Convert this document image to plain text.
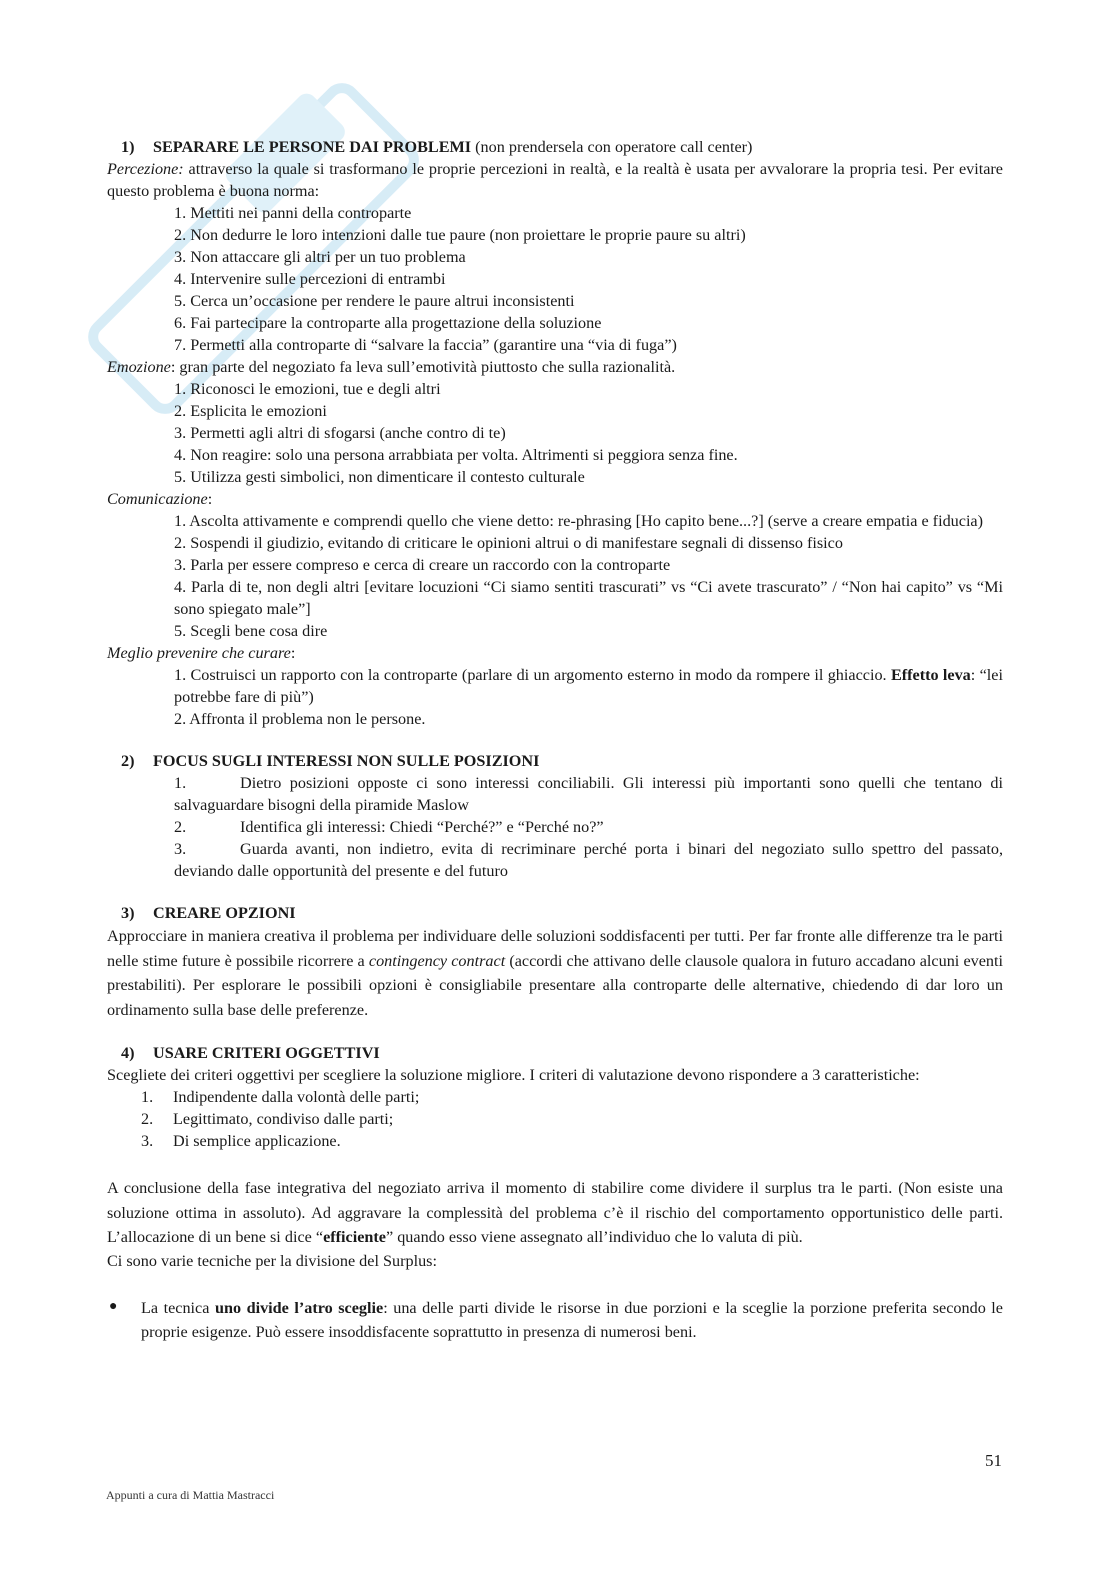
1) SEPARARE LE PERSONE DAI PROBLEMI (non prendersela con operatore call center)

Percezione: attraverso la quale si trasformano le proprie percezioni in realtà, e la realtà è usata per avvalorare la propria tesi. Per evitare questo problema è buona norma:

1. Mettiti nei panni della controparte
2. Non dedurre le loro intenzioni dalle tue paure (non proiettare le proprie paure su altri)
3. Non attaccare gli altri per un tuo problema
4. Intervenire sulle percezioni di entrambi
5. Cerca un’occasione per rendere le paure altrui inconsistenti
6. Fai partecipare la controparte alla progettazione della soluzione
7. Permetti alla controparte di “salvare la faccia” (garantire una “via di fuga”)

Emozione: gran parte del negoziato fa leva sull’emotività piuttosto che sulla razionalità.

1. Riconosci le emozioni, tue e degli altri
2. Esplicita le emozioni
3. Permetti agli altri di sfogarsi (anche contro di te)
4. Non reagire: solo una persona arrabbiata per volta. Altrimenti si peggiora senza fine.
5. Utilizza gesti simbolici, non dimenticare il contesto culturale

Comunicazione:

1. Ascolta attivamente e comprendi quello che viene detto: re-phrasing [Ho capito bene...?] (serve a creare empatia e fiducia)
2. Sospendi il giudizio, evitando di criticare le opinioni altrui o di manifestare segnali di dissenso fisico
3. Parla per essere compreso e cerca di creare un raccordo con la controparte
4. Parla di te, non degli altri [evitare locuzioni “Ci siamo sentiti trascurati” vs “Ci avete trascurato” / “Non hai capito” vs “Mi sono spiegato male”]
5. Scegli bene cosa dire

Meglio prevenire che curare:

1. Costruisci un rapporto con la controparte (parlare di un argomento esterno in modo da rompere il ghiaccio. Effetto leva: “lei potrebbe fare di più”)
2. Affronta il problema non le persone.

2) FOCUS SUGLI INTERESSI NON SULLE POSIZIONI

1.	Dietro posizioni opposte ci sono interessi conciliabili. Gli interessi più importanti sono quelli che tentano di salvaguardare bisogni della piramide Maslow
2.	Identifica gli interessi: Chiedi “Perché?” e “Perché no?”
3.	Guarda avanti, non indietro, evita di recriminare perché porta i binari del negoziato sullo spettro del passato, deviando dalle opportunità del presente e del futuro

3) CREARE OPZIONI

Approcciare in maniera creativa il problema per individuare delle soluzioni soddisfacenti per tutti. Per far fronte alle differenze tra le parti nelle stime future è possibile ricorrere a contingency contract (accordi che attivano delle clausole qualora in futuro accadano alcuni eventi prestabiliti). Per esplorare le possibili opzioni è consigliabile presentare alla controparte delle alternative, chiedendo di dar loro un ordinamento sulla base delle preferenze.

4) USARE CRITERI OGGETTIVI

Scegliete dei criteri oggettivi per scegliere la soluzione migliore. I criteri di valutazione devono rispondere a 3 caratteristiche:

1. Indipendente dalla volontà delle parti;
2. Legittimato, condiviso dalle parti;
3. Di semplice applicazione.

A conclusione della fase integrativa del negoziato arriva il momento di stabilire come dividere il surplus tra le parti. (Non esiste una soluzione ottima in assoluto). Ad aggravare la complessità del problema c’è il rischio del comportamento opportunistico delle parti. L’allocazione di un bene si dice “efficiente” quando esso viene assegnato all’individuo che lo valuta di più.

Ci sono varie tecniche per la divisione del Surplus:

●	La tecnica uno divide l’atro sceglie: una delle parti divide le risorse in due porzioni e la sceglie la porzione preferita secondo le proprie esigenze. Può essere insoddisfacente soprattutto in presenza di numerosi beni.
51
Appunti a cura di Mattia Mastracci
